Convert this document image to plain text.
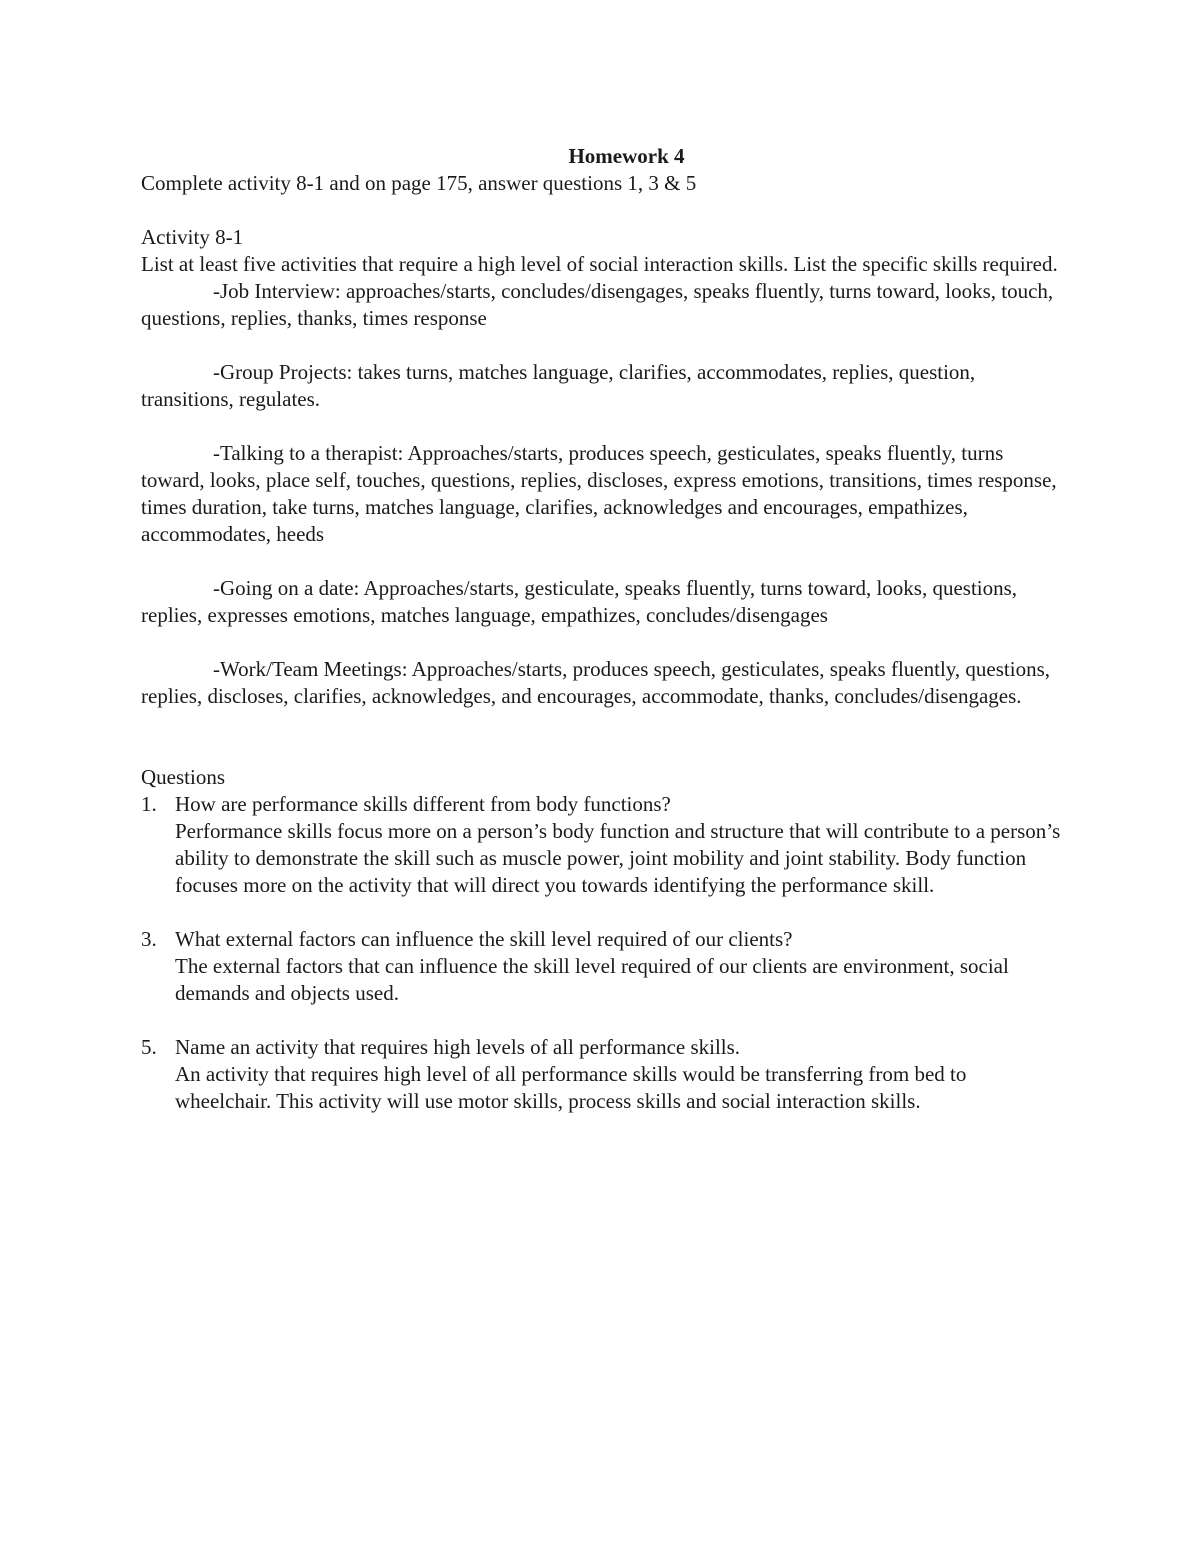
Homework 4

Complete activity 8-1 and on page 175, answer questions 1, 3 & 5

Activity 8-1

List at least five activities that require a high level of social interaction skills. List the specific skills required.

-Job Interview: approaches/starts, concludes/disengages, speaks fluently, turns toward, looks, touch, questions, replies, thanks, times response

-Group Projects: takes turns, matches language, clarifies, accommodates, replies, question, transitions, regulates.

-Talking to a therapist: Approaches/starts, produces speech, gesticulates, speaks fluently, turns toward, looks, place self, touches, questions, replies, discloses, express emotions, transitions, times response, times duration, take turns, matches language, clarifies, acknowledges and encourages, empathizes, accommodates, heeds

-Going on a date: Approaches/starts, gesticulate, speaks fluently, turns toward, looks, questions, replies, expresses emotions, matches language, empathizes, concludes/disengages

-Work/Team Meetings: Approaches/starts, produces speech, gesticulates, speaks fluently, questions, replies, discloses, clarifies, acknowledges, and encourages, accommodate, thanks, concludes/disengages.

Questions

1. How are performance skills different from body functions?

Performance skills focus more on a person’s body function and structure that will contribute to a person’s ability to demonstrate the skill such as muscle power, joint mobility and joint stability. Body function focuses more on the activity that will direct you towards identifying the performance skill.

3. What external factors can influence the skill level required of our clients?

The external factors that can influence the skill level required of our clients are environment, social demands and objects used.

5. Name an activity that requires high levels of all performance skills.

An activity that requires high level of all performance skills would be transferring from bed to wheelchair. This activity will use motor skills, process skills and social interaction skills.
